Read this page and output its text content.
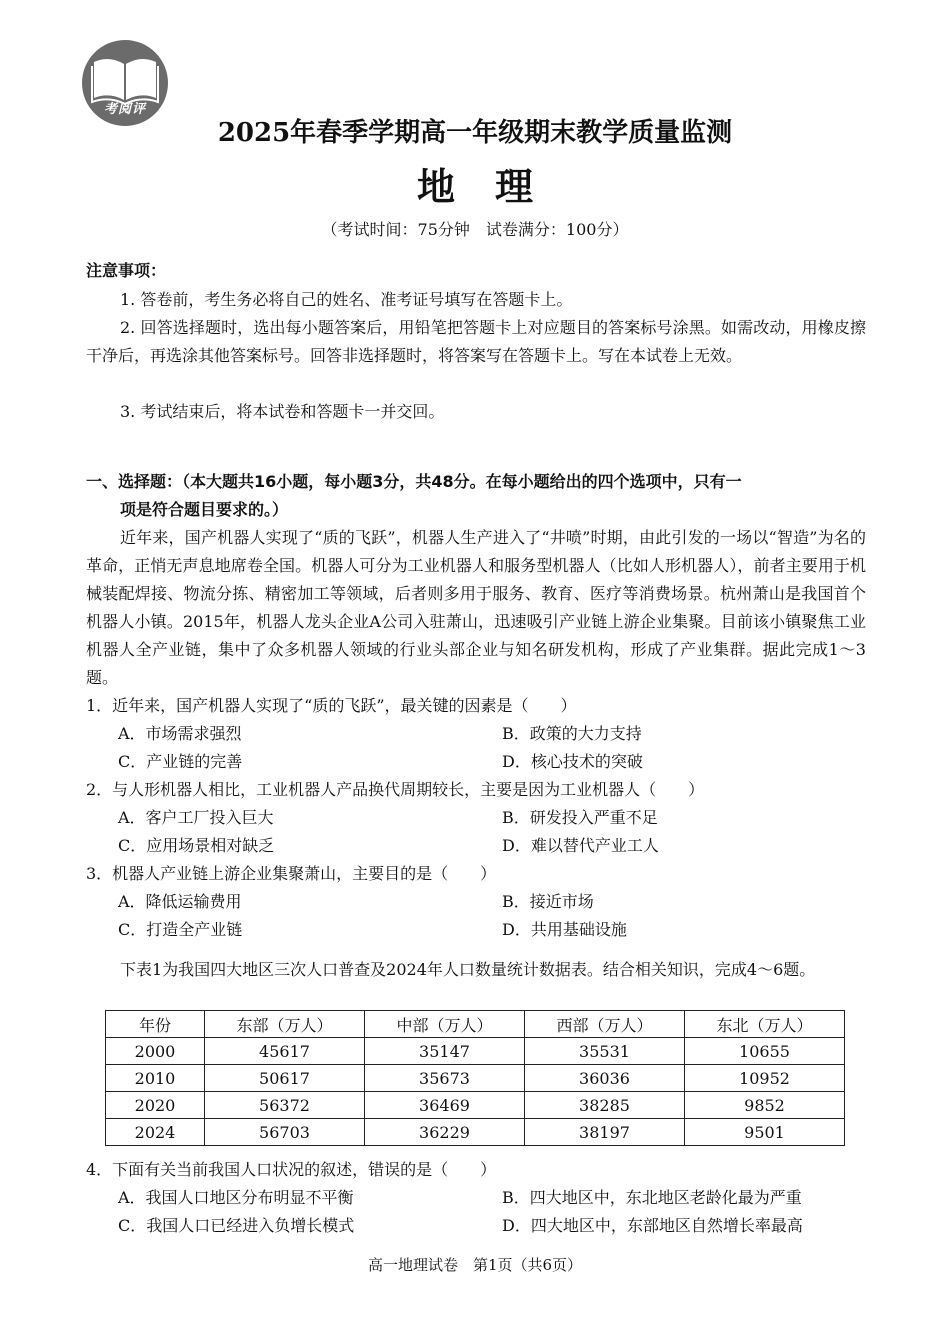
考阅评
2025年春季学期高一年级期末教学质量监测
地理
（考试时间：75分钟　试卷满分：100分）
注意事项：
1. 答卷前，考生务必将自己的姓名、准考证号填写在答题卡上。
2. 回答选择题时，选出每小题答案后，用铅笔把答题卡上对应题目的答案标号涂黑。如需改动，用橡皮擦干净后，再选涂其他答案标号。回答非选择题时，将答案写在答题卡上。写在本试卷上无效。
3. 考试结束后，将本试卷和答题卡一并交回。
一、选择题：（本大题共16小题，每小题3分，共48分。在每小题给出的四个选项中，只有一
项是符合题目要求的。）
近年来，国产机器人实现了“质的飞跃”，机器人生产进入了“井喷”时期，由此引发的一场以“智造”为名的革命，正悄无声息地席卷全国。机器人可分为工业机器人和服务型机器人（比如人形机器人），前者主要用于机械装配焊接、物流分拣、精密加工等领域，后者则多用于服务、教育、医疗等消费场景。杭州萧山是我国首个机器人小镇。2015年，机器人龙头企业A公司入驻萧山，迅速吸引产业链上游企业集聚。目前该小镇聚焦工业机器人全产业链，集中了众多机器人领域的行业头部企业与知名研发机构，形成了产业集群。据此完成1～3题。
1．近年来，国产机器人实现了“质的飞跃”，最关键的因素是（　　）
A．市场需求强烈	B．政策的大力支持
C．产业链的完善	D．核心技术的突破
2．与人形机器人相比，工业机器人产品换代周期较长，主要是因为工业机器人（　　）
A．客户工厂投入巨大	B．研发投入严重不足
C．应用场景相对缺乏	D．难以替代产业工人
3．机器人产业链上游企业集聚萧山，主要目的是（　　）
A．降低运输费用	B．接近市场
C．打造全产业链	D．共用基础设施
下表1为我国四大地区三次人口普查及2024年人口数量统计数据表。结合相关知识，完成4～6题。
年份	东部（万人）	中部（万人）	西部（万人）	东北（万人）
2000	45617	35147	35531	10655
2010	50617	35673	36036	10952
2020	56372	36469	38285	9852
2024	56703	36229	38197	9501
4．下面有关当前我国人口状况的叙述，错误的是（　　）
A．我国人口地区分布明显不平衡	B．四大地区中，东北地区老龄化最为严重
C．我国人口已经进入负增长模式	D．四大地区中，东部地区自然增长率最高
高一地理试卷　第1页（共6页）
